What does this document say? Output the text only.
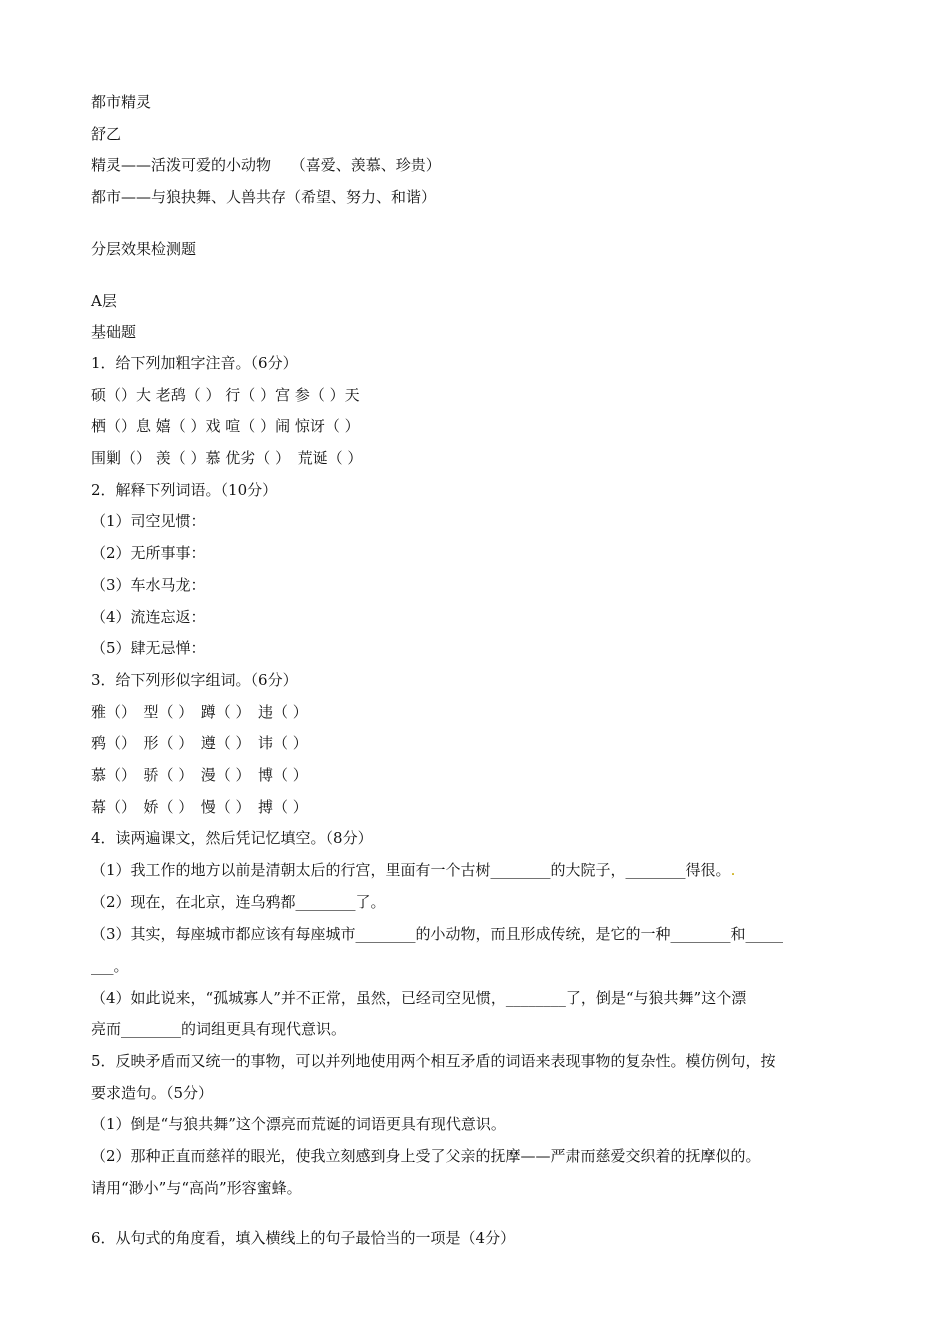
都市精灵
舒乙
精灵——活泼可爱的小动物　 （喜爱、羡慕、珍贵）
都市——与狼抉舞、人兽共存（希望、努力、和谐）
分层效果检测题
A层
基础题
1．给下列加粗字注音。（6分）
硕（）大 老鸹（ ） 行（ ）宫 参（ ）天
栖（）息 嬉（ ）戏 喧（ ）闹 惊讶（ ）
围剿（） 羡（ ）慕 优劣（ ）　荒诞（ ）
2．解释下列词语。（10分）
（1）司空见惯：
（2）无所事事：
（3）车水马龙：
（4）流连忘返：
（5）肆无忌惮：
3．给下列形似字组词。（6分）
雅（）　型（ ）　蹲（ ）　违（ ）
鸦（）　形（ ）　遵（ ）　讳（ ）
慕（）　骄（ ）　漫（ ）　博（ ）
幕（）　娇（ ）　慢（ ）　搏（ ）
4．读两遍课文，然后凭记忆填空。（8分）
（1）我工作的地方以前是清朝太后的行宫，里面有一个古树________的大院子，________得很。.
（2）现在，在北京，连乌鸦都________了。
（3）其实，每座城市都应该有每座城市________的小动物，而且形成传统，是它的一种________和_____
___。
（4）如此说来，“孤城寡人”并不正常，虽然，已经司空见惯，________了，倒是“与狼共舞”这个漂
亮而________的词组更具有现代意识。
5．反映矛盾而又统一的事物，可以并列地使用两个相互矛盾的词语来表现事物的复杂性。模仿例句，按
要求造句。（5分）
（1）倒是“与狼共舞”这个漂亮而荒诞的词语更具有现代意识。
（2）那种正直而慈祥的眼光，使我立刻感到身上受了父亲的抚摩——严肃而慈爱交织着的抚摩似的。
请用“渺小”与“高尚”形容蜜蜂。
6．从句式的角度看，填入横线上的句子最恰当的一项是（4分）
